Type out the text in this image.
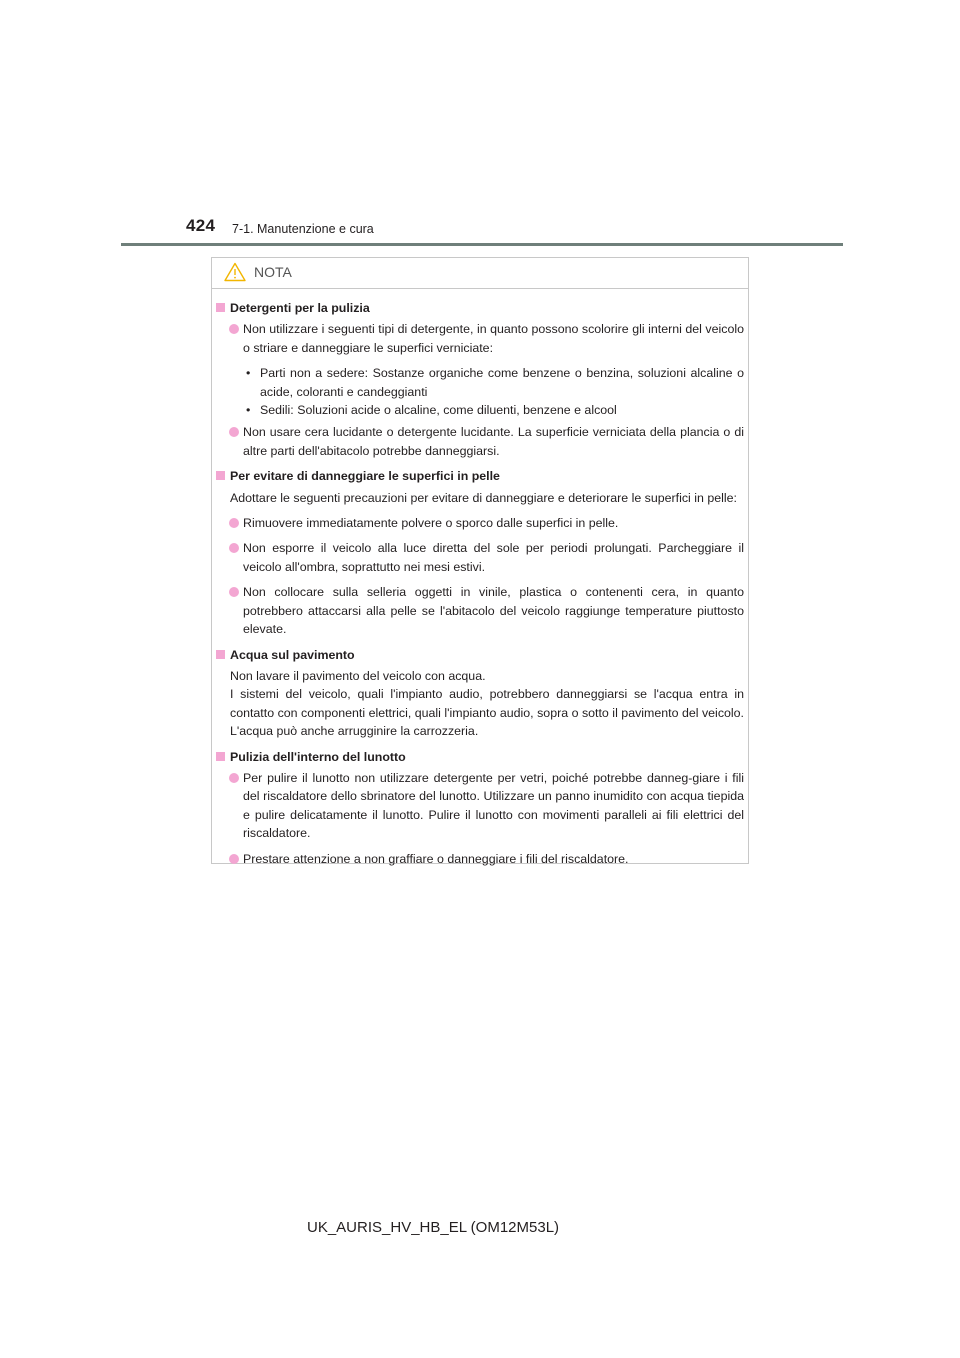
424 7-1. Manutenzione e cura
NOTA
Detergenti per la pulizia
Non utilizzare i seguenti tipi di detergente, in quanto possono scolorire gli interni del veicolo o striare e danneggiare le superfici verniciate:
• Parti non a sedere: Sostanze organiche come benzene o benzina, soluzioni alcaline o acide, coloranti e candeggianti
• Sedili: Soluzioni acide o alcaline, come diluenti, benzene e alcool
Non usare cera lucidante o detergente lucidante. La superficie verniciata della plancia o di altre parti dell'abitacolo potrebbe danneggiarsi.
Per evitare di danneggiare le superfici in pelle
Adottare le seguenti precauzioni per evitare di danneggiare e deteriorare le superfici in pelle:
Rimuovere immediatamente polvere o sporco dalle superfici in pelle.
Non esporre il veicolo alla luce diretta del sole per periodi prolungati. Parcheggiare il veicolo all'ombra, soprattutto nei mesi estivi.
Non collocare sulla selleria oggetti in vinile, plastica o contenenti cera, in quanto potrebbero attaccarsi alla pelle se l'abitacolo del veicolo raggiunge temperature piuttosto elevate.
Acqua sul pavimento
Non lavare il pavimento del veicolo con acqua.
I sistemi del veicolo, quali l'impianto audio, potrebbero danneggiarsi se l'acqua entra in contatto con componenti elettrici, quali l'impianto audio, sopra o sotto il pavimento del veicolo. L'acqua può anche arrugginire la carrozzeria.
Pulizia dell'interno del lunotto
Per pulire il lunotto non utilizzare detergente per vetri, poiché potrebbe danneg-giare i fili del riscaldatore dello sbrinatore del lunotto. Utilizzare un panno inumidito con acqua tiepida e pulire delicatamente il lunotto. Pulire il lunotto con movimenti paralleli ai fili elettrici del riscaldatore.
Prestare attenzione a non graffiare o danneggiare i fili del riscaldatore.
UK_AURIS_HV_HB_EL (OM12M53L)
